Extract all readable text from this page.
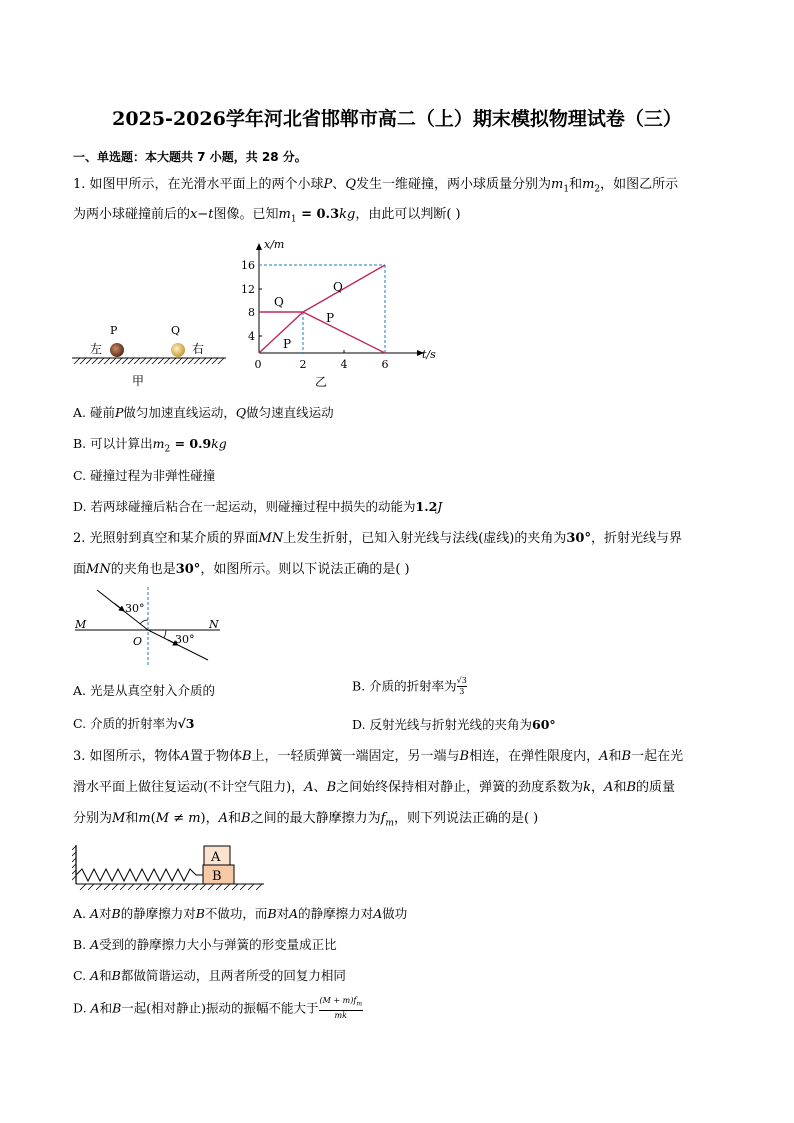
2025-2026学年河北省邯郸市高二（上）期末模拟物理试卷（三）
一、单选题：本大题共 7 小题，共 28 分。
1. 如图甲所示，在光滑水平面上的两个小球P、Q发生一维碰撞，两小球质量分别为$m_1$和$m_2$，如图乙所示
为两小球碰撞前后的x−t图像。已知$m_1 = 0.3kg$，由此可以判断( )
P	Q
左	右
甲
x/m
t/s
16
12
8
4
0	2	4	6
Q
Q
P
P
乙
A. 碰前P做匀加速直线运动，Q做匀速直线运动
B. 可以计算出$m_2 = 0.9kg$
C. 碰撞过程为非弹性碰撞
D. 若两球碰撞后粘合在一起运动，则碰撞过程中损失的动能为1.2J
2. 光照射到真空和某介质的界面MN上发生折射，已知入射光线与法线(虚线)的夹角为30°，折射光线与界
面MN的夹角也是30°，如图所示。则以下说法正确的是( )
30°
30°
M	N
O
A. 光是从真空射入介质的	B. 介质的折射率为 $\frac{√3}{3}$
C. 介质的折射率为√3	D. 反射光线与折射光线的夹角为60°
3. 如图所示，物体A置于物体B上，一轻质弹簧一端固定，另一端与B相连，在弹性限度内，A和B一起在光
滑水平面上做往复运动(不计空气阻力)，A、B之间始终保持相对静止，弹簧的劲度系数为k，A和B的质量
分别为M和m(M ≠ m)，A和B之间的最大静摩擦力为$f_m$，则下列说法正确的是( )
A
B
A. A对B的静摩擦力对B不做功，而B对A的静摩擦力对A做功
B. A受到的静摩擦力大小与弹簧的形变量成正比
C. A和B都做简谐运动，且两者所受的回复力相同
D. A和B一起(相对静止)振动的振幅不能大于 $\frac{(M + m)f_m}{mk}$
